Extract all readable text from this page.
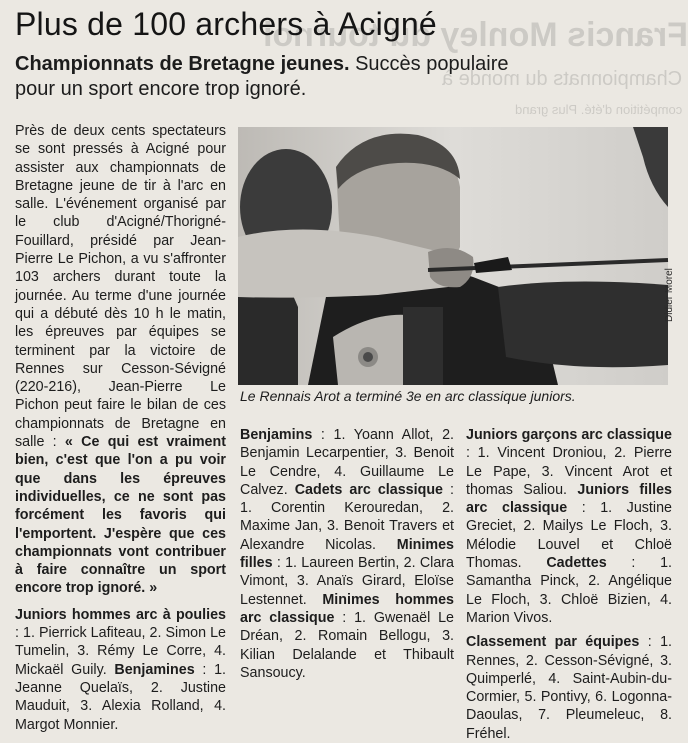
Francis Monley du tournoi
Championnats du monde à
compétition d'été. Plus grand
Plus de 100 archers à Acigné

Championnats de Bretagne jeunes. Succès populaire pour un sport encore trop ignoré.

Près de deux cents spectateurs se sont pressés à Acigné pour assister aux championnats de Bretagne jeune de tir à l'arc en salle. L'événement organisé par le club d'Acigné/Thorigné-Fouillard, présidé par Jean-Pierre Le Pichon, a vu s'affronter 103 archers durant toute la journée. Au terme d'une journée qui a débuté dès 10 h le matin, les épreuves par équipes se terminent par la victoire de Rennes sur Cesson-Sévigné (220-216), Jean-Pierre Le Pichon peut faire le bilan de ces championnats de Bretagne en salle : « Ce qui est vraiment bien, c'est que l'on a pu voir que dans les épreuves individuelles, ce ne sont pas forcément les favoris qui l'emportent. J'espère que ces championnats vont contribuer à faire connaître un sport encore trop ignoré. »

Juniors hommes arc à poulies : 1. Pierrick Lafiteau, 2. Simon Le Tumelin, 3. Rémy Le Corre, 4. Mickaël Guily. Benjamines : 1. Jeanne Quelaïs, 2. Justine Mauduit, 3. Alexia Rolland, 4. Margot Monnier.

Didier Morel
Le Rennais Arot a terminé 3e en arc classique juniors.

Benjamins : 1. Yoann Allot, 2. Benjamin Lecarpentier, 3. Benoit Le Cendre, 4. Guillaume Le Calvez. Cadets arc classique : 1. Corentin Kerouredan, 2. Maxime Jan, 3. Benoit Travers et Alexandre Nicolas. Minimes filles : 1. Laureen Bertin, 2. Clara Vimont, 3. Anaïs Girard, Eloïse Lestennet. Minimes hommes arc classique : 1. Gwenaël Le Dréan, 2. Romain Bellogu, 3. Kilian Delalande et Thibault Sansoucy.

Juniors garçons arc classique : 1. Vincent Droniou, 2. Pierre Le Pape, 3. Vincent Arot et thomas Saliou. Juniors filles arc classique : 1. Justine Greciet, 2. Mailys Le Floch, 3. Mélodie Louvel et Chloë Thomas. Cadettes : 1. Samantha Pinck, 2. Angélique Le Floch, 3. Chloë Bizien, 4. Marion Vivos.

Classement par équipes : 1. Rennes, 2. Cesson-Sévigné, 3. Quimperlé, 4. Saint-Aubin-du-Cormier, 5. Pontivy, 6. Logonna-Daoulas, 7. Pleumeleuc, 8. Fréhel.
